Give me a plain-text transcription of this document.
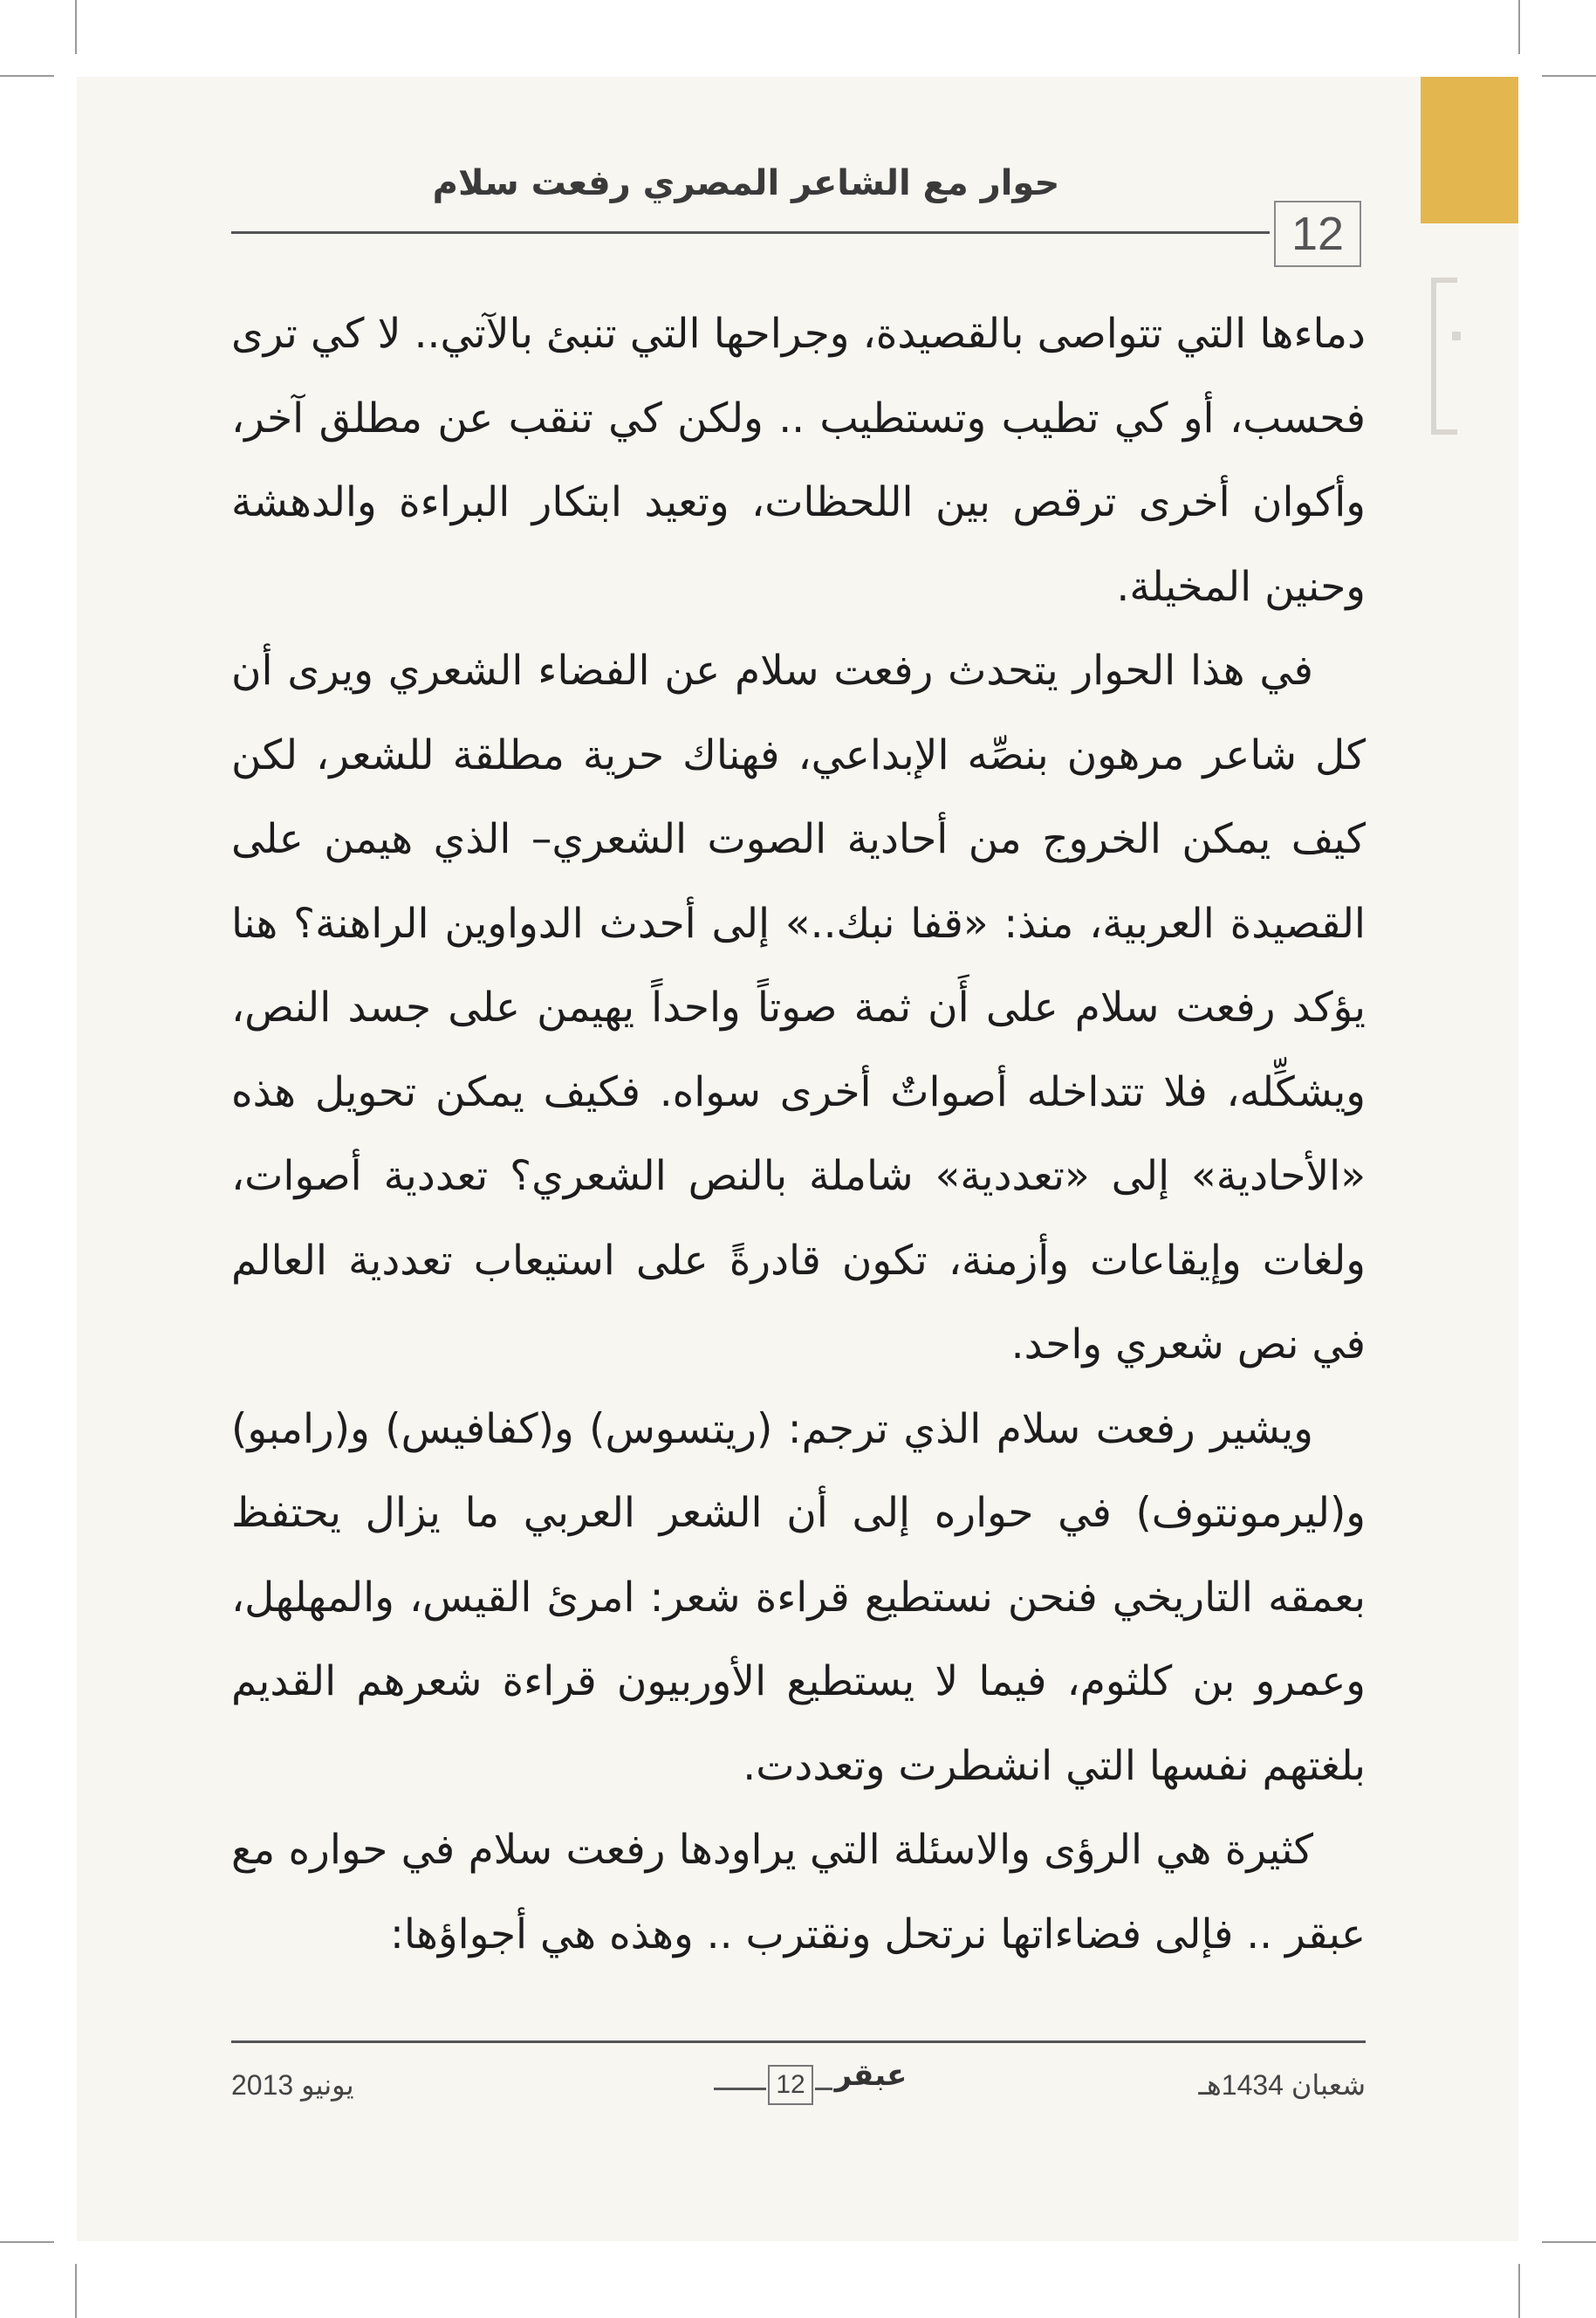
حوار مع الشاعر المصري رفعت سلام
12

دماءها التي تتواصى بالقصيدة، وجراحها التي تنبئ بالآتي.. لا كي ترى فحسب، أو كي تطيب وتستطيب .. ولكن كي تنقب عن مطلق آخر، وأكوان أخرى ترقص بين اللحظات، وتعيد ابتكار البراءة والدهشة وحنين المخيلة.

في هذا الحوار يتحدث رفعت سلام عن الفضاء الشعري ويرى أن كل شاعر مرهون بنصِّه الإبداعي، فهناك حرية مطلقة للشعر، لكن كيف يمكن الخروج من أحادية الصوت الشعري– الذي هيمن على القصيدة العربية، منذ: «قفا نبك..» إلى أحدث الدواوين الراهنة؟ هنا يؤكد رفعت سلام على أَن ثمة صوتاً واحداً يهيمن على جسد النص، ويشكِّله، فلا تتداخله أصواتٌ أخرى سواه. فكيف يمكن تحويل هذه «الأحادية» إلى «تعددية» شاملة بالنص الشعري؟ تعددية أصوات، ولغات وإيقاعات وأزمنة، تكون قادرةً على استيعاب تعددية العالم في نص شعري واحد.

ويشير رفعت سلام الذي ترجم: (ريتسوس) و(كفافيس) و(رامبو) و(ليرمونتوف) في حواره إلى أن الشعر العربي ما يزال يحتفظ بعمقه التاريخي فنحن نستطيع قراءة شعر: امرئ القيس، والمهلهل، وعمرو بن كلثوم، فيما لا يستطيع الأوربيون قراءة شعرهم القديم بلغتهم نفسها التي انشطرت وتعددت.

كثيرة هي الرؤى والاسئلة التي يراودها رفعت سلام في حواره مع عبقر .. فإلى فضاءاتها نرتحل ونقترب .. وهذه هي أجواؤها:

يونيو 2013	شعبان 1434هـ
12 عبقر
